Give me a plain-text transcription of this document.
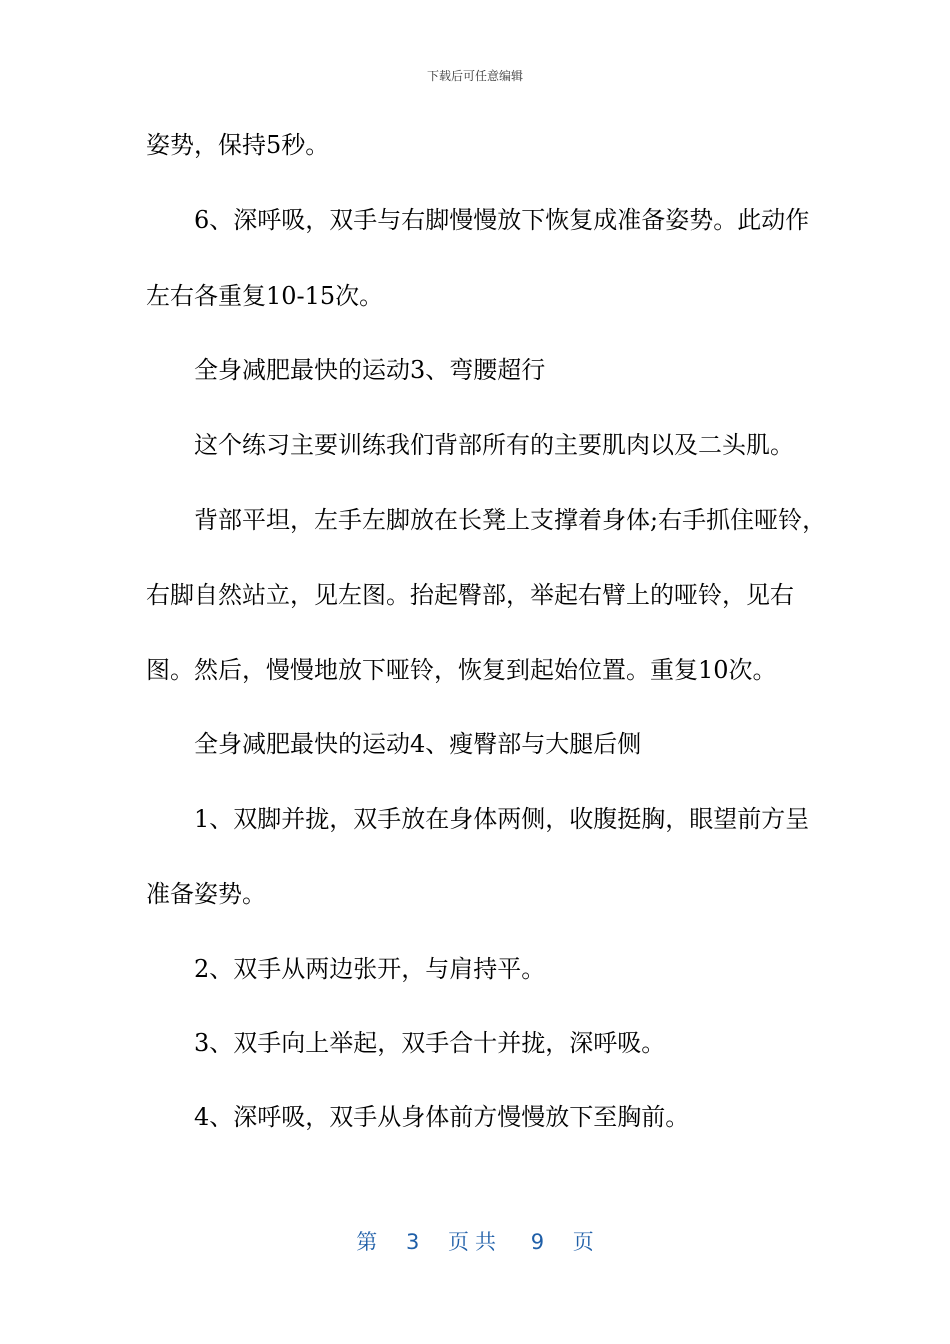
下载后可任意编辑
姿势，保持5秒。
6、深呼吸，双手与右脚慢慢放下恢复成准备姿势。此动作
左右各重复10-15次。
全身减肥最快的运动3、弯腰超行
这个练习主要训练我们背部所有的主要肌肉以及二头肌。
背部平坦，左手左脚放在长凳上支撑着身体;右手抓住哑铃，
右脚自然站立，见左图。抬起臀部，举起右臂上的哑铃，见右
图。然后，慢慢地放下哑铃，恢复到起始位置。重复10次。
全身减肥最快的运动4、瘦臀部与大腿后侧
1、双脚并拢，双手放在身体两侧，收腹挺胸，眼望前方呈
准备姿势。
2、双手从两边张开，与肩持平。
3、双手向上举起，双手合十并拢，深呼吸。
4、深呼吸，双手从身体前方慢慢放下至胸前。
第 3 页共 9 页
